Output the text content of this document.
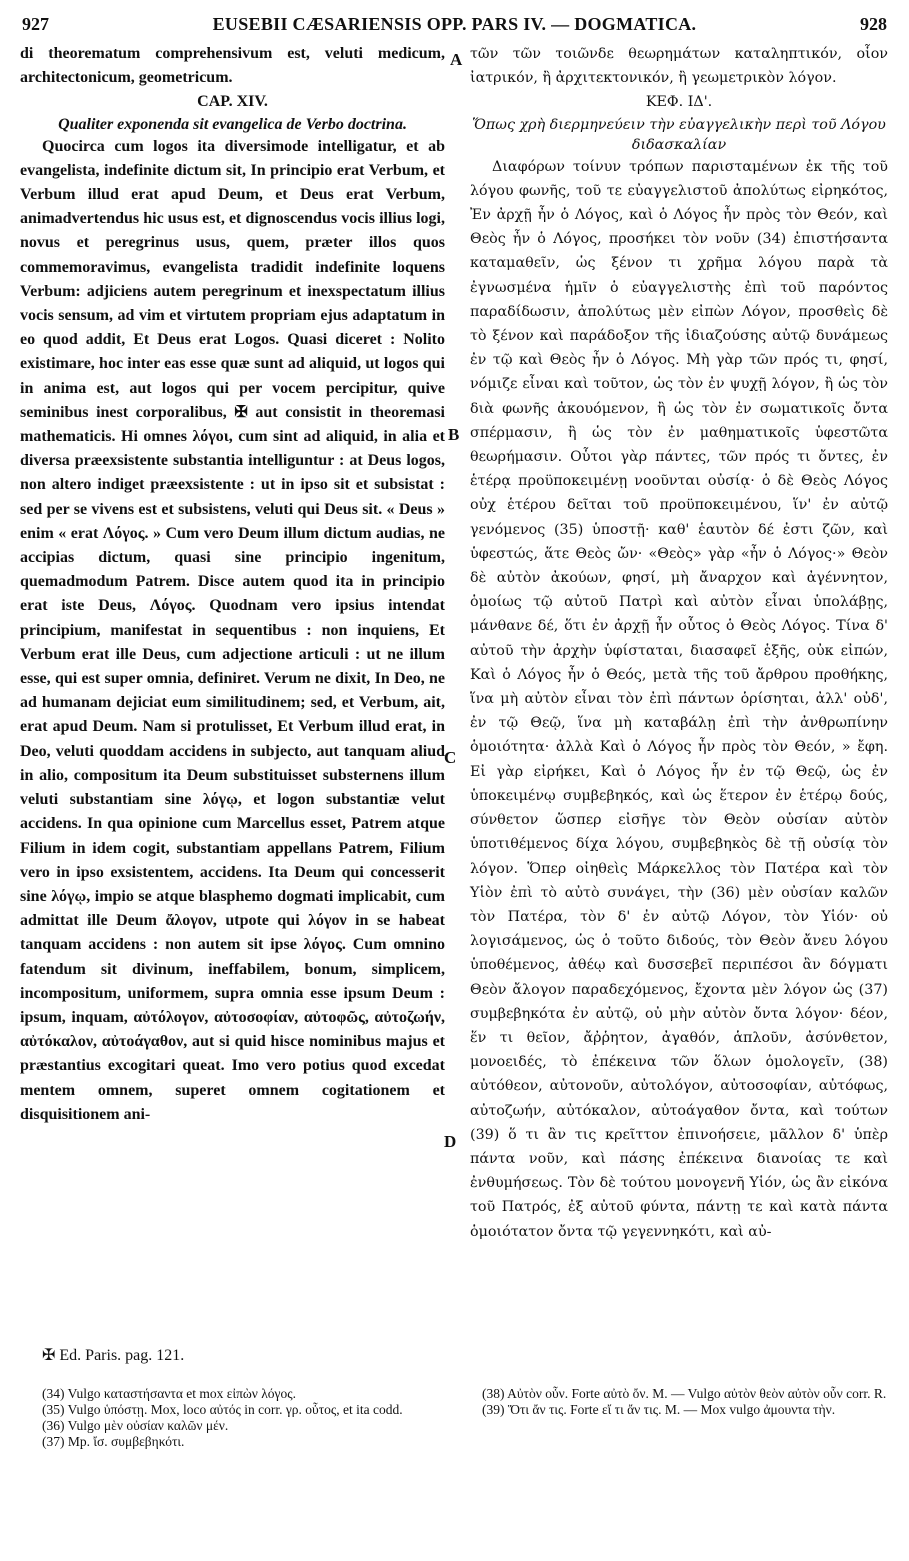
927	EUSEBII CÆSARIENSIS OPP. PARS IV. — DOGMATICA.	928

di theorematum comprehensivum est, veluti medicum, architectonicum, geometricum.

CAP. XIV.

Qualiter exponenda sit evangelica de Verbo doctrina.

Quocirca cum logos ita diversimode intelligatur, et ab evangelista, indefinite dictum sit, In principio erat Verbum, et Verbum illud erat apud Deum, et Deus erat Verbum, animadvertendus hic usus est, et dignoscendus vocis illius logi, novus et peregrinus usus, quem, præter illos quos commemoravimus, evangelista tradidit indefinite loquens Verbum: adjiciens autem peregrinum et inexspectatum illius vocis sensum, ad vim et virtutem propriam ejus adaptatum in eo quod addit, Et Deus erat Logos. Quasi diceret : Nolito existimare, hoc inter eas esse quæ sunt ad aliquid, ut logos qui in anima est, aut logos qui per vocem percipitur, quive seminibus inest corporalibus, ✠ aut consistit in theoremasi mathematicis. Hi omnes λόγοι, cum sint ad aliquid, in alia et diversa præexsistente substantia intelliguntur : at Deus logos, non altero indiget præexsistente : ut in ipso sit et subsistat : sed per se vivens est et subsistens, veluti qui Deus sit. « Deus » enim « erat Λόγος. » Cum vero Deum illum dictum audias, ne accipias dictum, quasi sine principio ingenitum, quemadmodum Patrem. Disce autem quod ita in principio erat iste Deus, Λόγος. Quodnam vero ipsius intendat principium, manifestat in sequentibus : non inquiens, Et Verbum erat ille Deus, cum adjectione articuli : ut ne illum esse, qui est super omnia, definiret. Verum ne dixit, In Deo, ne ad humanam dejiciat eum similitudinem; sed, et Verbum, ait, erat apud Deum. Nam si protulisset, Et Verbum illud erat, in Deo, veluti quoddam accidens in subjecto, aut tanquam aliud in alio, compositum ita Deum substituisset substernens illum veluti substantiam sine λόγῳ, et logon substantiæ velut accidens. In qua opinione cum Marcellus esset, Patrem atque Filium in idem cogit, substantiam appellans Patrem, Filium vero in ipso exsistentem, accidens. Ita Deum qui concesserit sine λόγῳ, impio se atque blasphemo dogmati implicabit, cum admittat ille Deum ἄλογον, utpote qui λόγον in se habeat tanquam accidens : non autem sit ipse λόγος. Cum omnino fatendum sit divinum, ineffabilem, bonum, simplicem, incompositum, uniformem, supra omnia esse ipsum Deum : ipsum, inquam, αὐτόλογον, αὐτοσοφίαν, αὐτοφῶς, αὐτοζωήν, αὐτόκαλον, αὐτοάγαθον, aut si quid hisce nominibus majus et præstantius excogitari queat. Imo vero potius quod excedat mentem omnem, superet omnem cogitationem et disquisitionem ani-

τῶν τῶν τοιῶνδε θεωρημάτων καταληπτικόν, οἷον ἰατρικόν, ἢ ἀρχιτεκτονικόν, ἢ γεωμετρικὸν λόγον.

ΚΕΦ. ΙΔ'.

Ὅπως χρὴ διερμηνεύειν τὴν εὐαγγελικὴν περὶ τοῦ Λόγου διδασκαλίαν

Διαφόρων τοίνυν τρόπων παρισταμένων ἐκ τῆς τοῦ λόγου φωνῆς, τοῦ τε εὐαγγελιστοῦ ἀπολύτως εἰρηκότος, Ἐν ἀρχῇ ἦν ὁ Λόγος, καὶ ὁ Λόγος ἦν πρὸς τὸν Θεόν, καὶ Θεὸς ἦν ὁ Λόγος, προσήκει τὸν νοῦν (34) ἐπιστήσαντα καταμαθεῖν, ὡς ξένον τι χρῆμα λόγου παρὰ τὰ ἐγνωσμένα ἡμῖν ὁ εὐαγγελιστὴς ἐπὶ τοῦ παρόντος παραδίδωσιν, ἀπολύτως μὲν εἰπὼν Λόγον, προσθεὶς δὲ τὸ ξένον καὶ παράδοξον τῆς ἰδιαζούσης αὐτῷ δυνάμεως ἐν τῷ καὶ Θεὸς ἦν ὁ Λόγος. Μὴ γὰρ τῶν πρός τι, φησί, νόμιζε εἶναι καὶ τοῦτον, ὡς τὸν ἐν ψυχῇ λόγον, ἢ ὡς τὸν διὰ φωνῆς ἀκουόμενον, ἢ ὡς τὸν ἐν σωματικοῖς ὄντα σπέρμασιν, ἢ ὡς τὸν ἐν μαθηματικοῖς ὑφεστῶτα θεωρήμασιν. Οὗτοι γὰρ πάντες, τῶν πρός τι ὄντες, ἐν ἑτέρᾳ προϋποκειμένῃ νοοῦνται οὐσίᾳ· ὁ δὲ Θεὸς Λόγος οὐχ ἑτέρου δεῖται τοῦ προϋποκειμένου, ἵν' ἐν αὐτῷ γενόμενος (35) ὑποστῇ· καθ' ἑαυτὸν δέ ἐστι ζῶν, καὶ ὑφεστώς, ἅτε Θεὸς ὤν· «Θεὸς» γὰρ «ἦν ὁ Λόγος·» Θεὸν δὲ αὐτὸν ἀκούων, φησί, μὴ ἄναρχον καὶ ἀγέννητον, ὁμοίως τῷ αὐτοῦ Πατρὶ καὶ αὐτὸν εἶναι ὑπολάβῃς, μάνθανε δέ, ὅτι ἐν ἀρχῇ ἦν οὗτος ὁ Θεὸς Λόγος. Τίνα δ' αὐτοῦ τὴν ἀρχὴν ὑφίσταται, διασαφεῖ ἑξῆς, οὐκ εἰπών, Καὶ ὁ Λόγος ἦν ὁ Θεός, μετὰ τῆς τοῦ ἄρθρου προθήκης, ἵνα μὴ αὐτὸν εἶναι τὸν ἐπὶ πάντων ὁρίσηται, ἀλλ' οὐδ', ἐν τῷ Θεῷ, ἵνα μὴ καταβάλῃ ἐπὶ τὴν ἀνθρωπίνην ὁμοιότητα· ἀλλὰ Καὶ ὁ Λόγος ἦν πρὸς τὸν Θεόν, » ἔφη. Εἰ γὰρ εἰρήκει, Καὶ ὁ Λόγος ἦν ἐν τῷ Θεῷ, ὡς ἐν ὑποκειμένῳ συμβεβηκός, καὶ ὡς ἕτερον ἐν ἑτέρῳ δούς, σύνθετον ὥσπερ εἰσῆγε τὸν Θεὸν οὐσίαν αὐτὸν ὑποτιθέμενος δίχα λόγου, συμβεβηκὸς δὲ τῇ οὐσίᾳ τὸν λόγον. Ὅπερ οἰηθεὶς Μάρκελλος τὸν Πατέρα καὶ τὸν Υἱὸν ἐπὶ τὸ αὐτὸ συνάγει, τὴν (36) μὲν οὐσίαν καλῶν τὸν Πατέρα, τὸν δ' ἐν αὐτῷ Λόγον, τὸν Υἱόν· οὐ λογισάμενος, ὡς ὁ τοῦτο διδούς, τὸν Θεὸν ἄνευ λόγου ὑποθέμενος, ἀθέῳ καὶ δυσσεβεῖ περιπέσοι ἂν δόγματι Θεὸν ἄλογον παραδεχόμενος, ἔχοντα μὲν λόγον ὡς (37) συμβεβηκότα ἐν αὐτῷ, οὐ μὴν αὐτὸν ὄντα λόγον· δέον, ἕν τι θεῖον, ἄῤῥητον, ἀγαθόν, ἁπλοῦν, ἀσύνθετον, μονοειδές, τὸ ἐπέκεινα τῶν ὅλων ὁμολογεῖν, (38) αὐτόθεον, αὐτονοῦν, αὐτολόγον, αὐτοσοφίαν, αὐτόφως, αὐτοζωήν, αὐτόκαλον, αὐτοάγαθον ὄντα, καὶ τούτων (39) ὅ τι ἂν τις κρεῖττον ἐπινοήσειε, μᾶλλον δ' ὑπὲρ πάντα νοῦν, καὶ πάσης ἐπέκεινα διανοίας τε καὶ ἐνθυμήσεως. Τὸν δὲ τούτου μονογενῆ Υἱόν, ὡς ἂν εἰκόνα τοῦ Πατρός, ἐξ αὐτοῦ φύντα, πάντῃ τε καὶ κατὰ πάντα ὁμοιότατον ὄντα τῷ γεγεννηκότι, καὶ αὐ-

A
B
C
D
✠ Ed. Paris. pag. 121.
(34) Vulgo καταστήσαντα et mox εἰπὼν λόγος.
(35) Vulgo ὑπόστῃ. Mox, loco αὐτός in corr. γρ. οὗτος, et ita codd.
(36) Vulgo μὲν οὐσίαν καλῶν μέν.
(37) Mp. ἴσ. συμβεβηκότι.
(38) Αὐτὸν οὖν. Forte αὐτὸ ὄν. M. — Vulgo αὐτὸν θεὸν αὐτὸν οὖν corr. R.
(39) Ὅτι ἄν τις. Forte εἴ τι ἄν τις. M. — Mox vulgo ἀμουντα τὴν.
